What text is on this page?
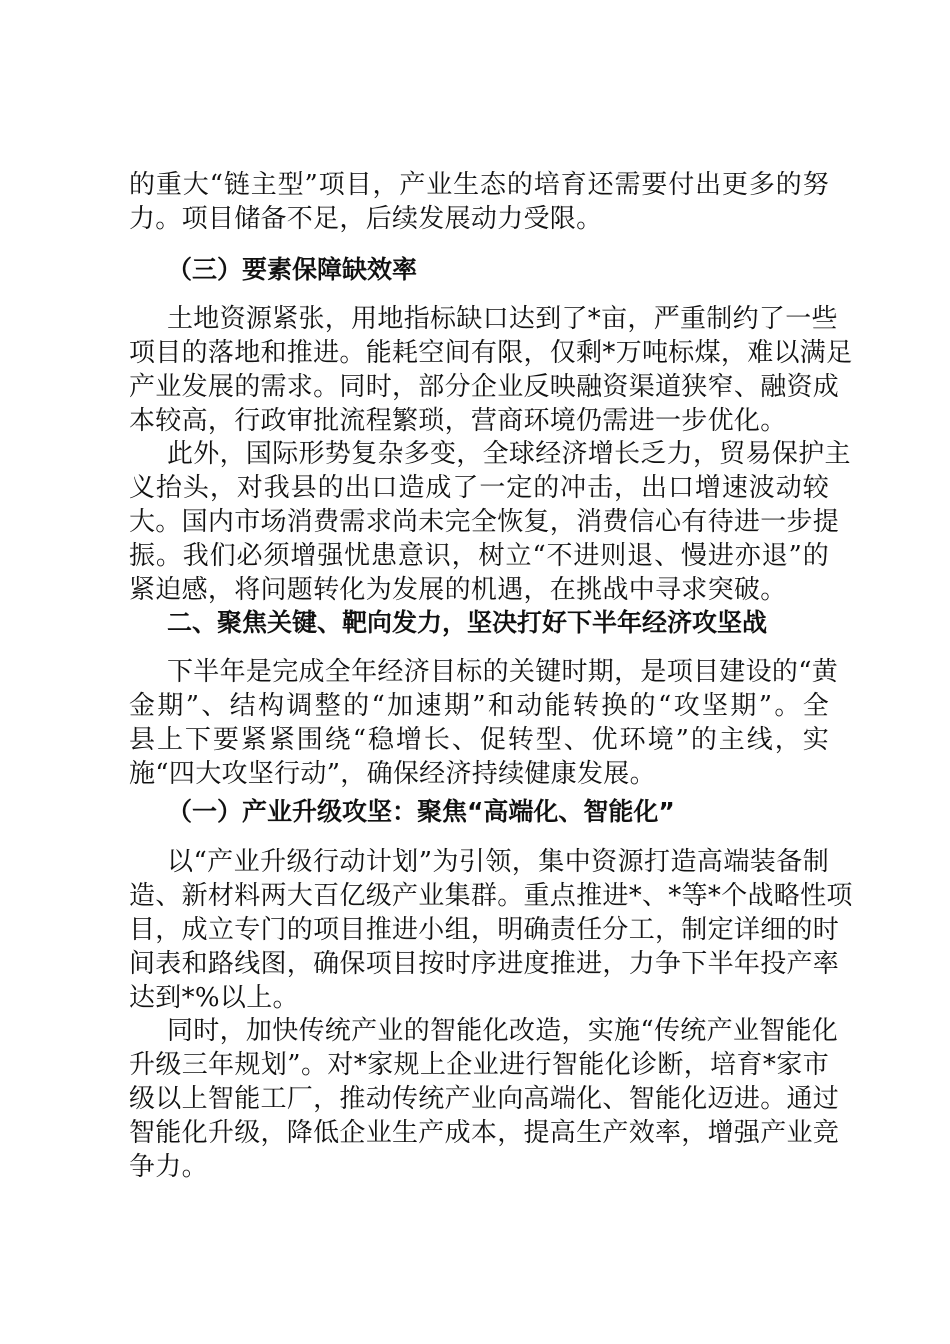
的重大“链主型”项目，产业生态的培育还需要付出更多的努
力。项目储备不足，后续发展动力受限。
（三）要素保障缺效率
土地资源紧张，用地指标缺口达到了*亩，严重制约了一些
项目的落地和推进。能耗空间有限，仅剩*万吨标煤，难以满足
产业发展的需求。同时，部分企业反映融资渠道狭窄、融资成
本较高，行政审批流程繁琐，营商环境仍需进一步优化。
此外，国际形势复杂多变，全球经济增长乏力，贸易保护主
义抬头，对我县的出口造成了一定的冲击，出口增速波动较
大。国内市场消费需求尚未完全恢复，消费信心有待进一步提
振。我们必须增强忧患意识，树立“不进则退、慢进亦退”的
紧迫感，将问题转化为发展的机遇，在挑战中寻求突破。
二、聚焦关键、靶向发力，坚决打好下半年经济攻坚战
下半年是完成全年经济目标的关键时期，是项目建设的“黄
金期”、结构调整的“加速期”和动能转换的“攻坚期”。全
县上下要紧紧围绕“稳增长、促转型、优环境”的主线，实
施“四大攻坚行动”，确保经济持续健康发展。
（一）产业升级攻坚：聚焦“高端化、智能化”
以“产业升级行动计划”为引领，集中资源打造高端装备制
造、新材料两大百亿级产业集群。重点推进*、*等*个战略性项
目，成立专门的项目推进小组，明确责任分工，制定详细的时
间表和路线图，确保项目按时序进度推进，力争下半年投产率
达到*%以上。
同时，加快传统产业的智能化改造，实施“传统产业智能化
升级三年规划”。对*家规上企业进行智能化诊断，培育*家市
级以上智能工厂，推动传统产业向高端化、智能化迈进。通过
智能化升级，降低企业生产成本，提高生产效率，增强产业竞
争力。
